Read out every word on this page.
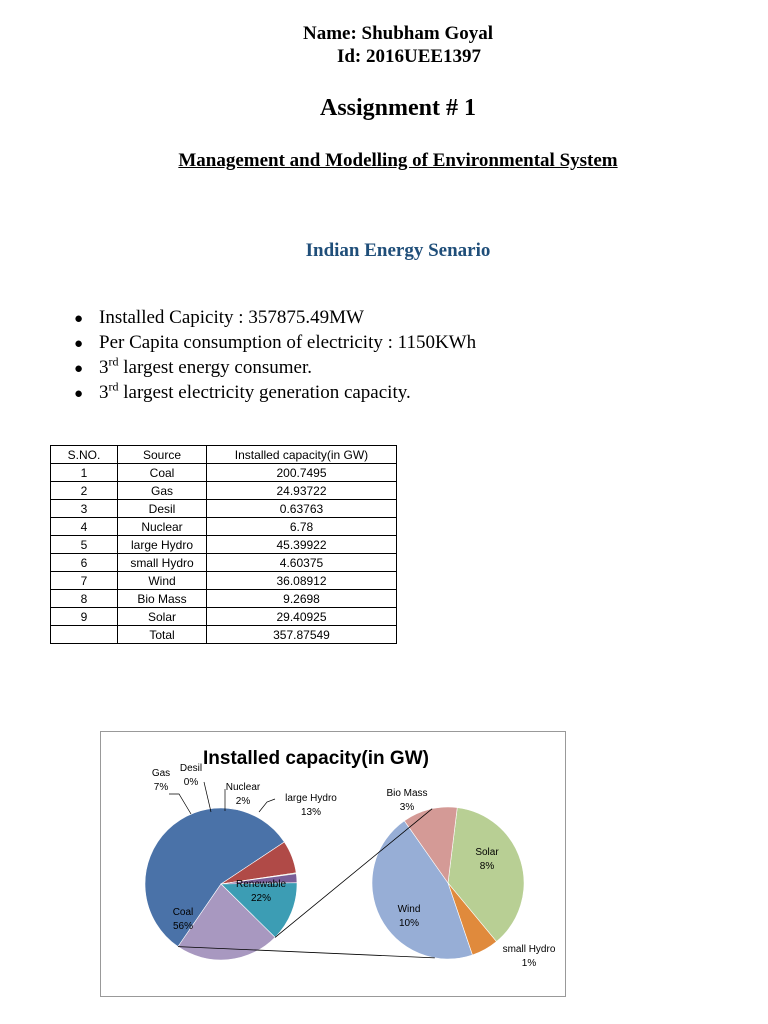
Name: Shubham Goyal
Id: 2016UEE1397
Assignment # 1
Management and Modelling of Environmental System
Indian Energy Senario
● Installed Capicity : 357875.49MW
● Per Capita consumption of electricity : 1150KWh
● 3rd largest energy consumer.
● 3rd largest electricity generation capacity.
S.NO.	Source	Installed capacity(in GW)
1	Coal	200.7495
2	Gas	24.93722
3	Desil	0.63763
4	Nuclear	6.78
5	large Hydro	45.39922
6	small Hydro	4.60375
7	Wind	36.08912
8	Bio Mass	9.2698
9	Solar	29.40925
	Total	357.87549
Installed capacity(in GW)
Gas 7%
Desil 0%	Nuclear 2%	large Hydro 13%
Coal 56%
Renewable 22%
Bio Mass 3%
Solar 8%
Wind 10%
small Hydro 1%
